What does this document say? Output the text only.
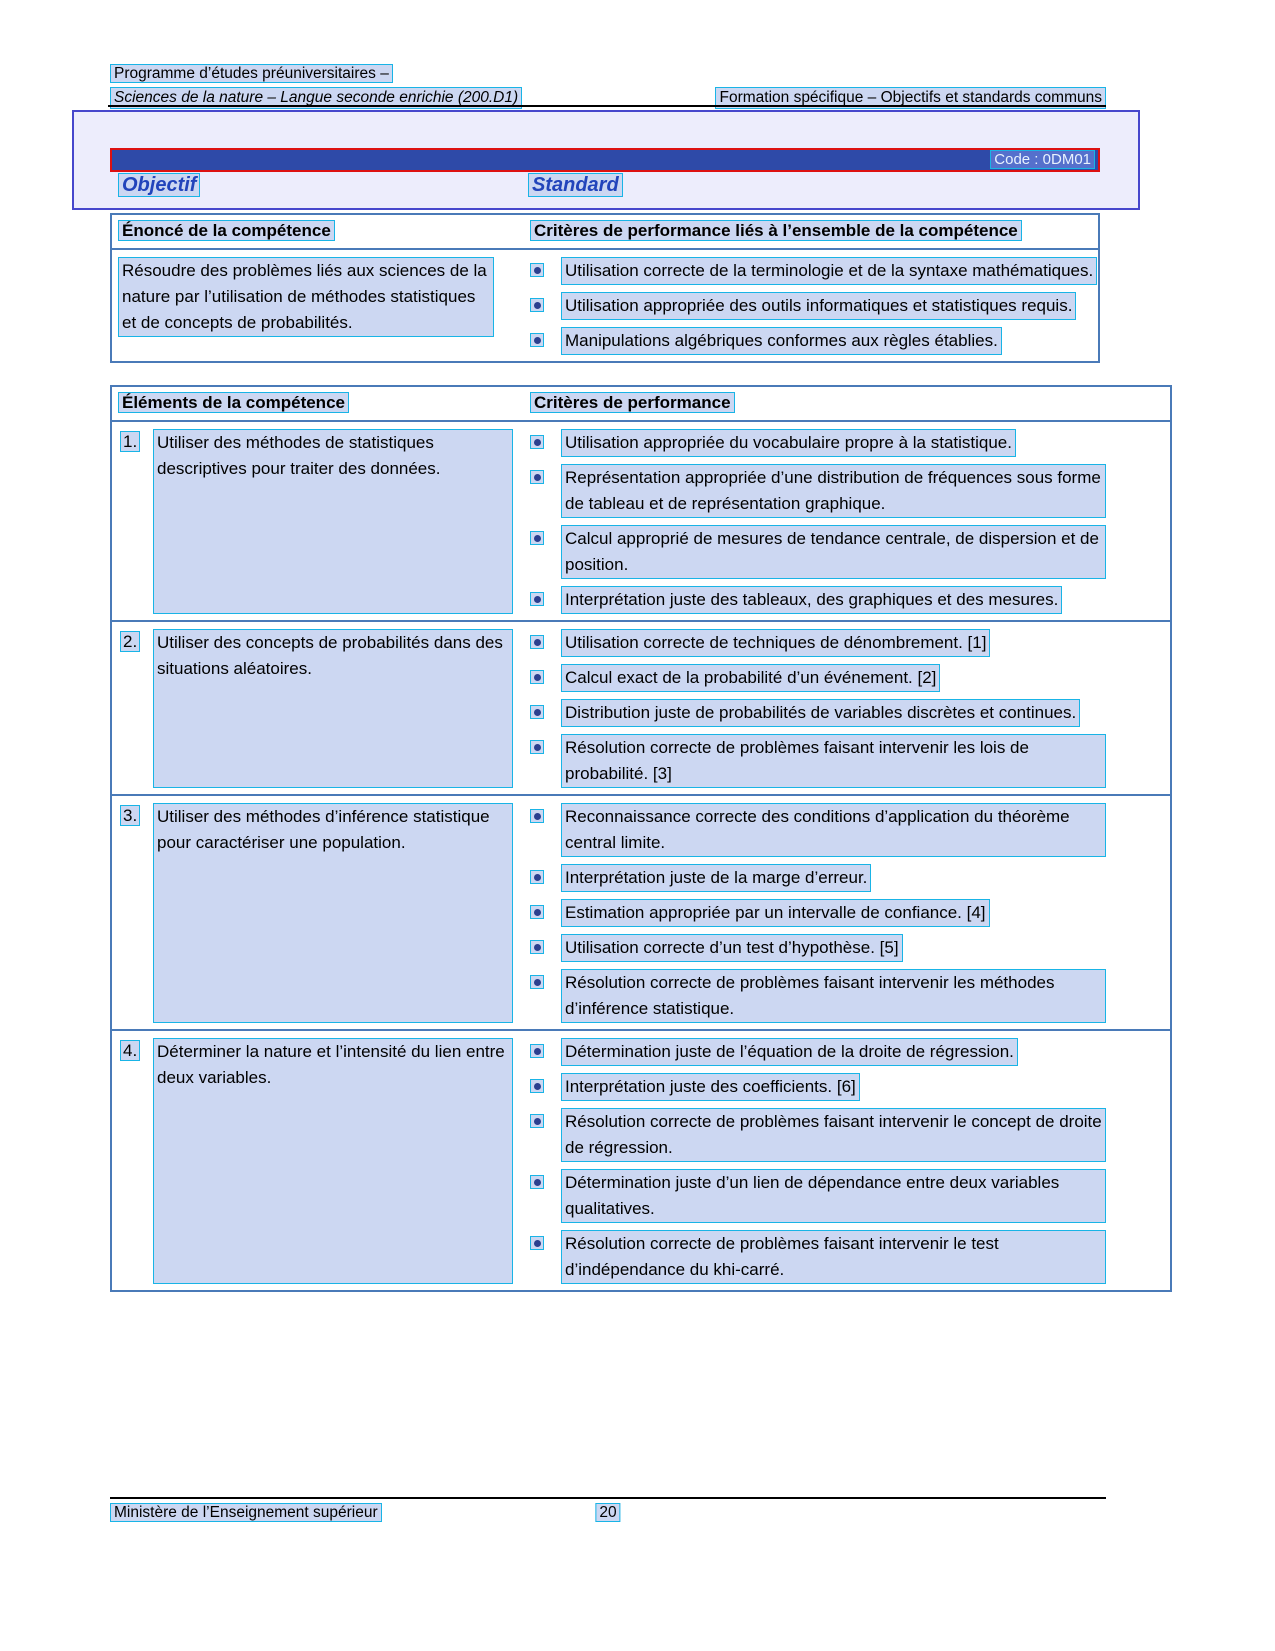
Programme d’études préuniversitaires –
Sciences de la nature – Langue seconde enrichie (200.D1)	Formation spécifique – Objectifs et standards communs
Code : 0DM01
Objectif	Standard
Énoncé de la compétence	Critères de performance liés à l’ensemble de la compétence
Résoudre des problèmes liés aux sciences de la nature par l’utilisation de méthodes statistiques et de concepts de probabilités.
Utilisation correcte de la terminologie et de la syntaxe mathématiques.
Utilisation appropriée des outils informatiques et statistiques requis.
Manipulations algébriques conformes aux règles établies.
Éléments de la compétence	Critères de performance
1.	Utiliser des méthodes de statistiques descriptives pour traiter des données.
Utilisation appropriée du vocabulaire propre à la statistique.
Représentation appropriée d’une distribution de fréquences sous forme de tableau et de représentation graphique.
Calcul approprié de mesures de tendance centrale, de dispersion et de position.
Interprétation juste des tableaux, des graphiques et des mesures.
2.	Utiliser des concepts de probabilités dans des situations aléatoires.
Utilisation correcte de techniques de dénombrement. [1]
Calcul exact de la probabilité d’un événement. [2]
Distribution juste de probabilités de variables discrètes et continues.
Résolution correcte de problèmes faisant intervenir les lois de probabilité. [3]
3.	Utiliser des méthodes d’inférence statistique pour caractériser une population.
Reconnaissance correcte des conditions d’application du théorème central limite.
Interprétation juste de la marge d’erreur.
Estimation appropriée par un intervalle de confiance. [4]
Utilisation correcte d’un test d’hypothèse. [5]
Résolution correcte de problèmes faisant intervenir les méthodes d’inférence statistique.
4.	Déterminer la nature et l’intensité du lien entre deux variables.
Détermination juste de l’équation de la droite de régression.
Interprétation juste des coefficients. [6]
Résolution correcte de problèmes faisant intervenir le concept de droite de régression.
Détermination juste d’un lien de dépendance entre deux variables qualitatives.
Résolution correcte de problèmes faisant intervenir le test d’indépendance du khi-carré.
Ministère de l’Enseignement supérieur	20
